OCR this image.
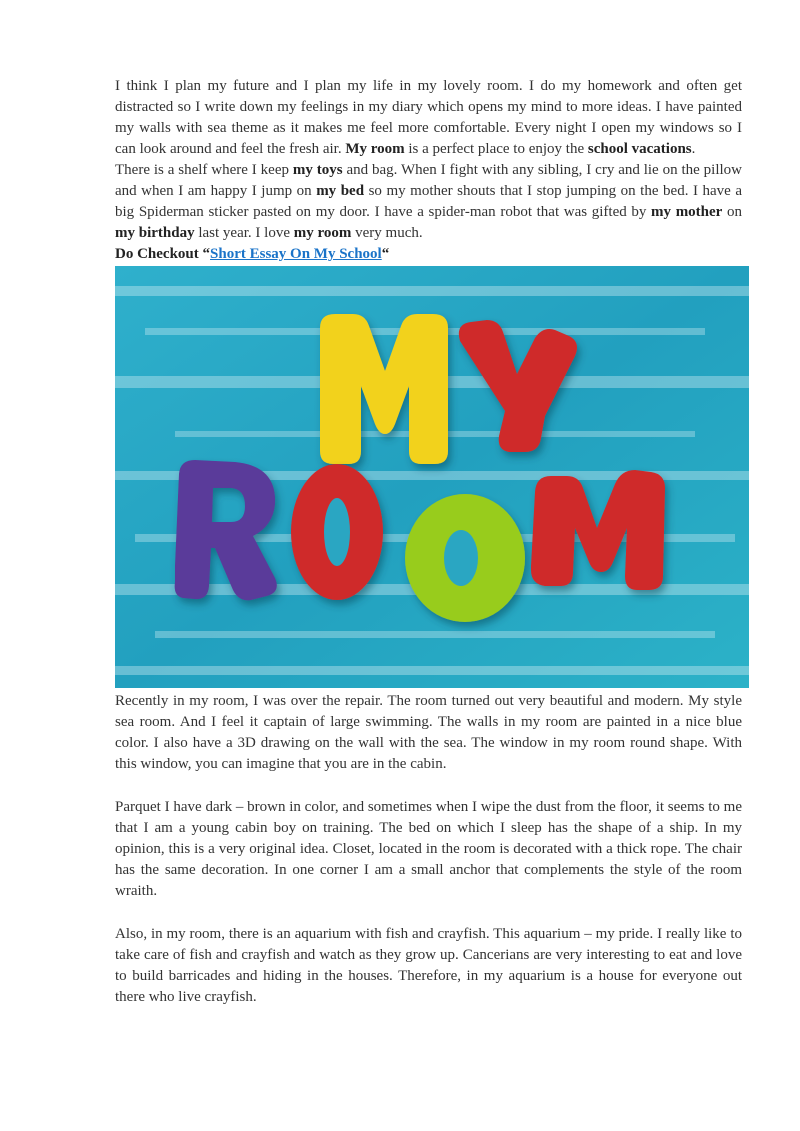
I think I plan my future and I plan my life in my lovely room. I do my homework and often get distracted so I write down my feelings in my diary which opens my mind to more ideas. I have painted my walls with sea theme as it makes me feel more comfortable. Every night I open my windows so I can look around and feel the fresh air. My room is a perfect place to enjoy the school vacations.

There is a shelf where I keep my toys and bag. When I fight with any sibling, I cry and lie on the pillow and when I am happy I jump on my bed so my mother shouts that I stop jumping on the bed. I have a big Spiderman sticker pasted on my door. I have a spider-man robot that was gifted by my mother on my birthday last year. I love my room very much.

Do Checkout “Short Essay On My School“

Recently in my room, I was over the repair. The room turned out very beautiful and modern. My style sea room. And I feel it captain of large swimming. The walls in my room are painted in a nice blue color. I also have a 3D drawing on the wall with the sea. The window in my room round shape. With this window, you can imagine that you are in the cabin.

Parquet I have dark – brown in color, and sometimes when I wipe the dust from the floor, it seems to me that I am a young cabin boy on training. The bed on which I sleep has the shape of a ship. In my opinion, this is a very original idea. Closet, located in the room is decorated with a thick rope. The chair has the same decoration. In one corner I am a small anchor that complements the style of the room wraith.

Also, in my room, there is an aquarium with fish and crayfish. This aquarium – my pride. I really like to take care of fish and crayfish and watch as they grow up. Cancerians are very interesting to eat and love to build barricades and hiding in the houses. Therefore, in my aquarium is a house for everyone out there who live crayfish.
